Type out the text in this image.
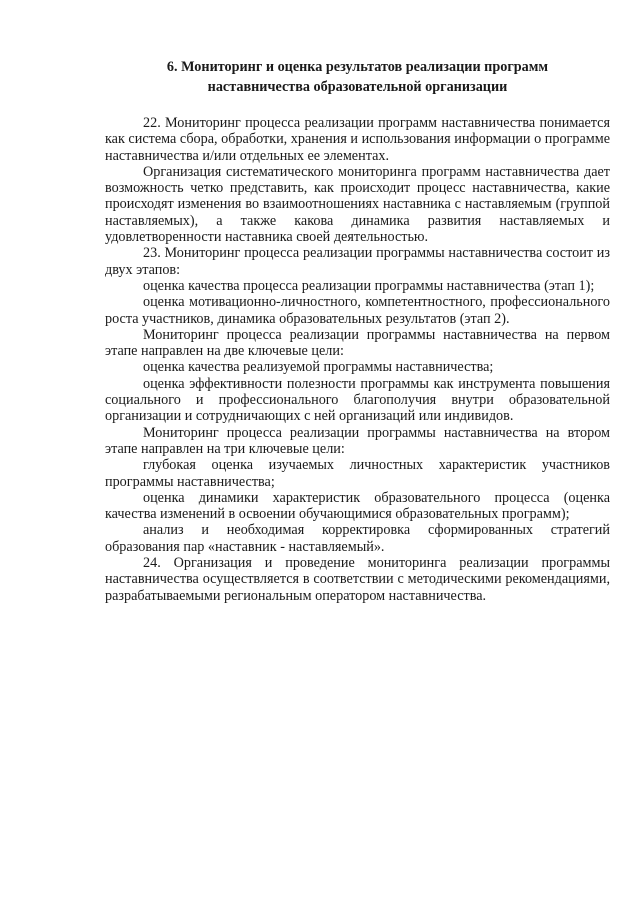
6. Мониторинг и оценка результатов реализации программ
наставничества образовательной организации

22. Мониторинг процесса реализации программ наставничества понимается как система сбора, обработки, хранения и использования информации о программе наставничества и/или отдельных ее элементах.

Организация систематического мониторинга программ наставничества дает возможность четко представить, как происходит процесс наставничества, какие происходят изменения во взаимоотношениях наставника с наставляемым (группой наставляемых), а также какова динамика развития наставляемых и удовлетворенности наставника своей деятельностью.

23. Мониторинг процесса реализации программы наставничества состоит из двух этапов:

оценка качества процесса реализации программы наставничества (этап 1);

оценка мотивационно-личностного, компетентностного, профессионального роста участников, динамика образовательных результатов (этап 2).

Мониторинг процесса реализации программы наставничества на первом этапе направлен на две ключевые цели:

оценка качества реализуемой программы наставничества;

оценка эффективности полезности программы как инструмента повышения социального и профессионального благополучия внутри образовательной организации и сотрудничающих с ней организаций или индивидов.

Мониторинг процесса реализации программы наставничества на втором этапе направлен на три ключевые цели:

глубокая оценка изучаемых личностных характеристик участников программы наставничества;

оценка динамики характеристик образовательного процесса (оценка качества изменений в освоении обучающимися образовательных программ);

анализ и необходимая корректировка сформированных стратегий образования пар «наставник - наставляемый».

24. Организация и проведение мониторинга реализации программы наставничества осуществляется в соответствии с методическими рекомендациями, разрабатываемыми региональным оператором наставничества.
